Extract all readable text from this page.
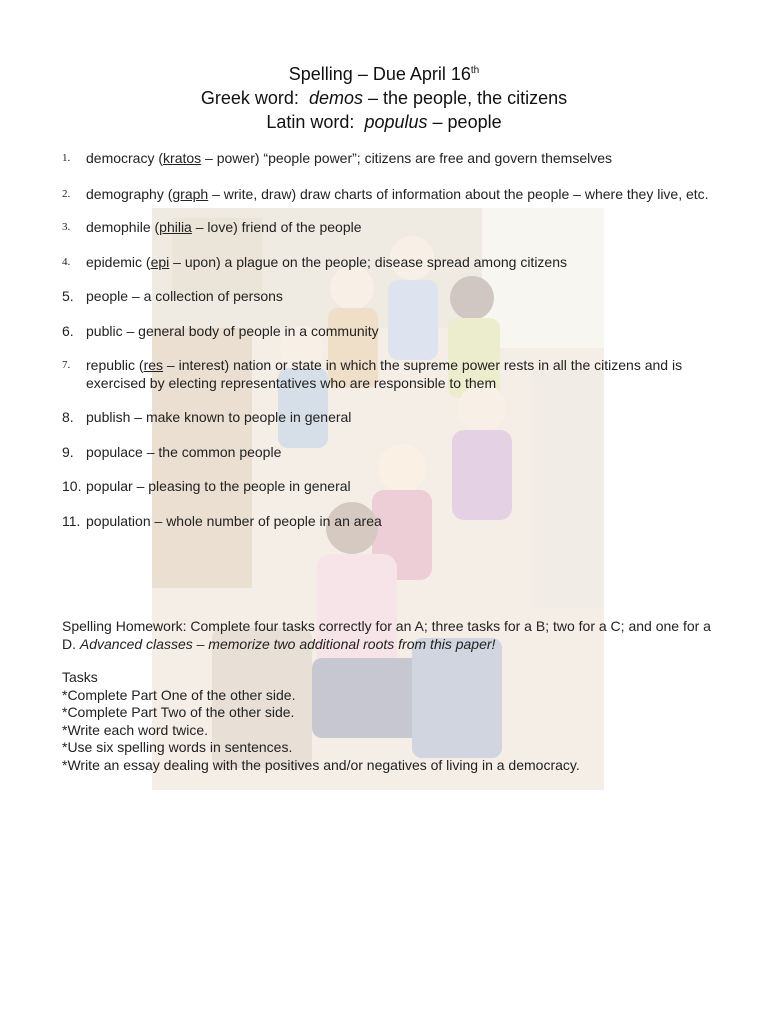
Spelling – Due April 16th
Greek word: demos – the people, the citizens
Latin word: populus – people
1. democracy (kratos – power) “people power”; citizens are free and govern themselves
2. demography (graph – write, draw) draw charts of information about the people – where they live, etc.
3. demophile (philia – love) friend of the people
4. epidemic (epi – upon) a plague on the people; disease spread among citizens
5. people – a collection of persons
6. public – general body of people in a community
7. republic (res – interest) nation or state in which the supreme power rests in all the citizens and is exercised by electing representatives who are responsible to them
8. publish – make known to people in general
9. populace – the common people
10. popular – pleasing to the people in general
11. population – whole number of people in an area
Spelling Homework: Complete four tasks correctly for an A; three tasks for a B; two for a C; and one for a D. Advanced classes – memorize two additional roots from this paper!
Tasks
*Complete Part One of the other side.
*Complete Part Two of the other side.
*Write each word twice.
*Use six spelling words in sentences.
*Write an essay dealing with the positives and/or negatives of living in a democracy.
